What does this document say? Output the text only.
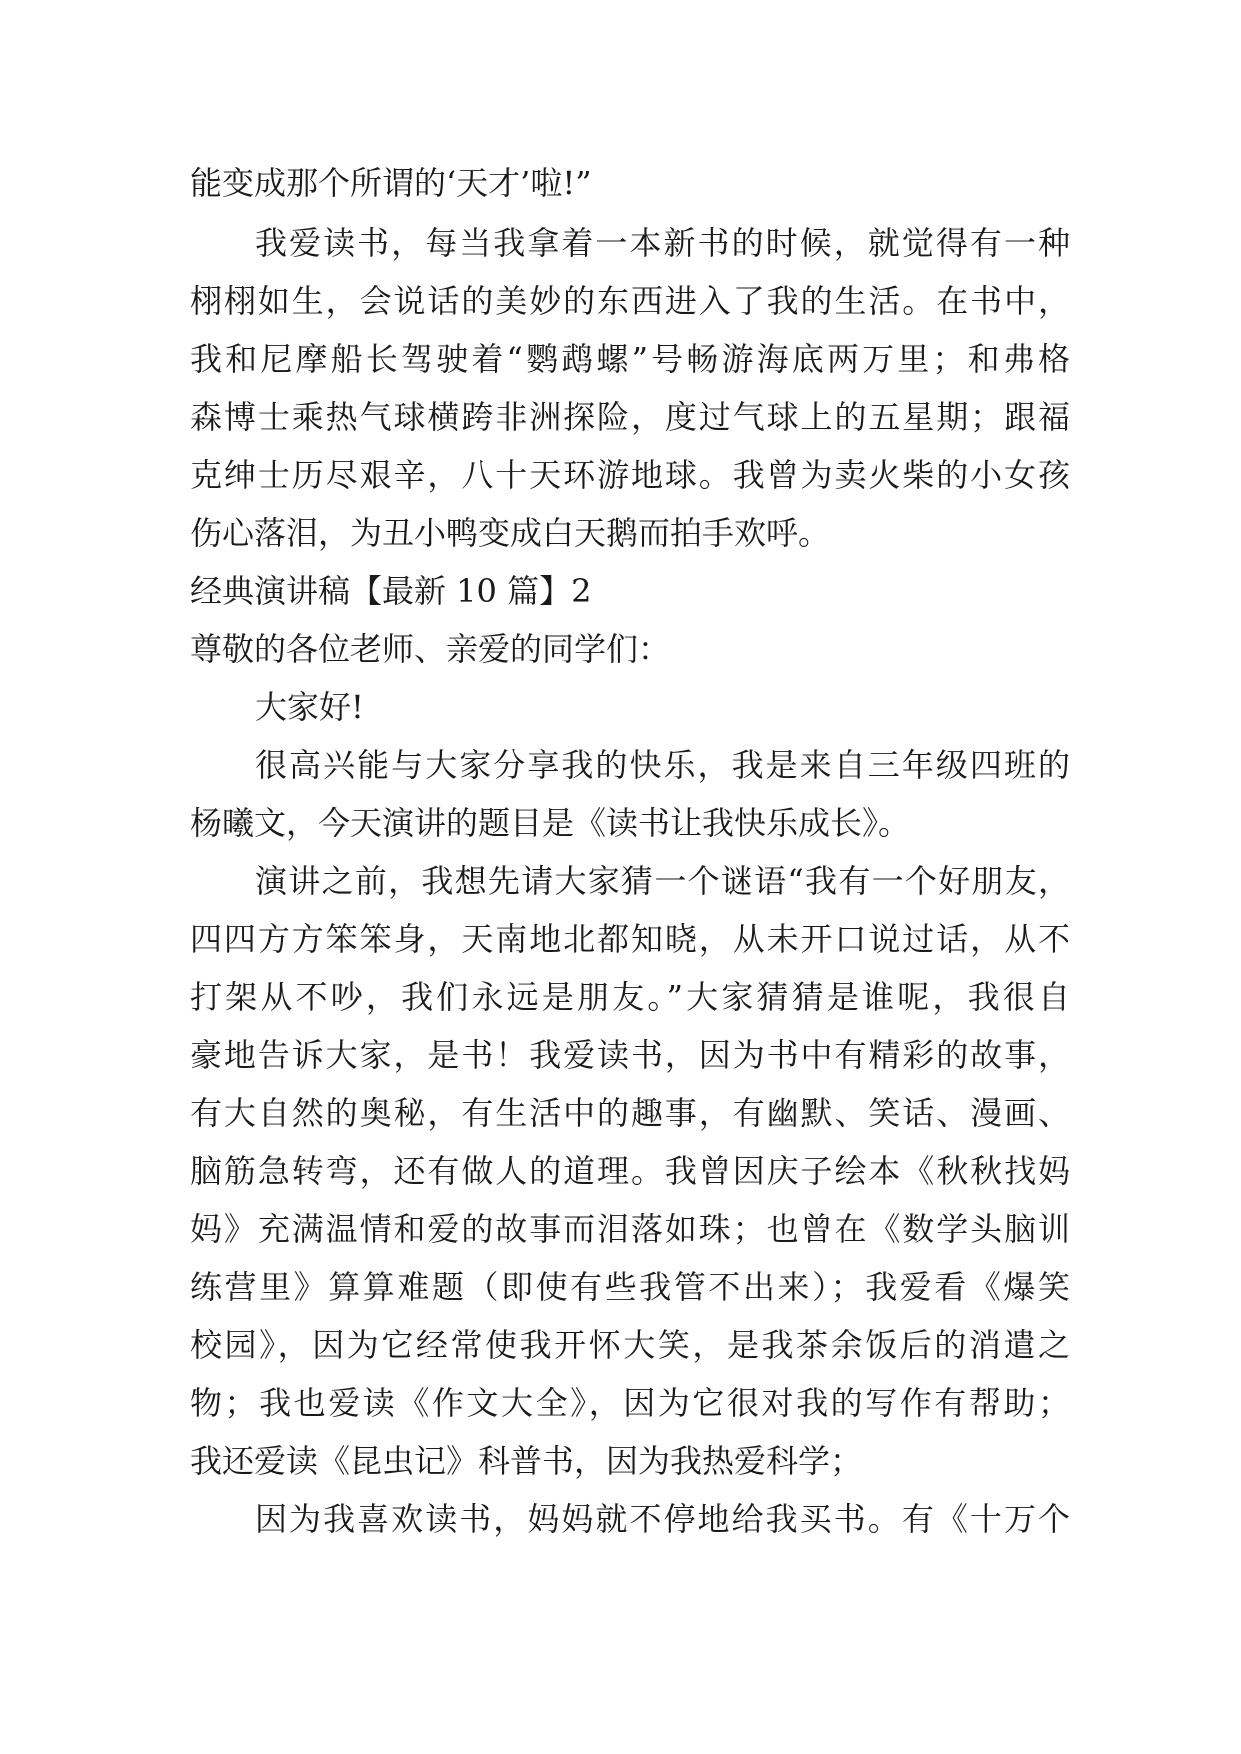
能变成那个所谓的‘天才’啦!”
我爱读书，每当我拿着一本新书的时候，就觉得有一种
栩栩如生，会说话的美妙的东西进入了我的生活。在书中，
我和尼摩船长驾驶着“鹦鹉螺”号畅游海底两万里；和弗格
森博士乘热气球横跨非洲探险，度过气球上的五星期；跟福
克绅士历尽艰辛，八十天环游地球。我曾为卖火柴的小女孩
伤心落泪，为丑小鸭变成白天鹅而拍手欢呼。
经典演讲稿【最新 10 篇】2
尊敬的各位老师、亲爱的同学们：
大家好!
很高兴能与大家分享我的快乐，我是来自三年级四班的
杨曦文，今天演讲的题目是《读书让我快乐成长》。
演讲之前，我想先请大家猜一个谜语“我有一个好朋友，
四四方方笨笨身，天南地北都知晓，从未开口说过话，从不
打架从不吵，我们永远是朋友。”大家猜猜是谁呢，我很自
豪地告诉大家，是书！我爱读书，因为书中有精彩的故事，
有大自然的奥秘，有生活中的趣事，有幽默、笑话、漫画、
脑筋急转弯，还有做人的道理。我曾因庆子绘本《秋秋找妈
妈》充满温情和爱的故事而泪落如珠；也曾在《数学头脑训
练营里》算算难题（即使有些我管不出来）；我爱看《爆笑
校园》，因为它经常使我开怀大笑，是我茶余饭后的消遣之
物；我也爱读《作文大全》，因为它很对我的写作有帮助；
我还爱读《昆虫记》科普书，因为我热爱科学；
因为我喜欢读书，妈妈就不停地给我买书。有《十万个
